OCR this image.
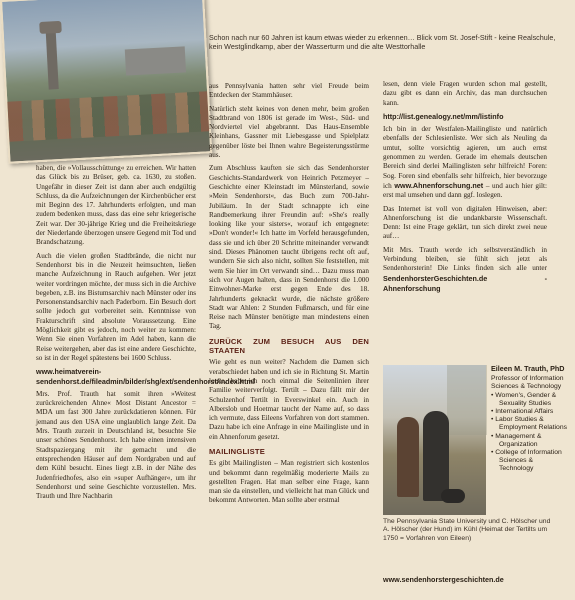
Schon nach nur 60 Jahren ist kaum etwas wieder zu erkennen… Blick vom St. Josef-Stift - keine Realschule, kein Westglindkamp, aber der Wasserturm und die alte Westtorhalle

haben, die »Vollausschüttung« zu erreichen. Wir hatten das Glück bis zu Brüser, geb. ca. 1630, zu stoßen. Ungefähr in dieser Zeit ist dann aber auch endgültig Schluss, da die Aufzeichnungen der Kirchenbücher erst mit Beginn des 17. Jahrhunderts erfolgten, und man zudem bedenken muss, dass das eine sehr kriegerische Zeit war. Der 30-jährige Krieg und die Freiheitskriege der Niederlande überzogen unsere Gegend mit Tod und Brandschatzung.

Auch die vielen großen Stadtbrände, die nicht nur Sendenhorst bis in die Neuzeit heimsuchten, ließen manche Aufzeichnung in Rauch aufgehen. Wer jetzt weiter vordringen möchte, der muss sich in die Archive begeben, z.B. ins Bistumsarchiv nach Münster oder ins Personenstandsarchiv nach Paderborn. Ein Besuch dort sollte jedoch gut vorbereitet sein. Kenntnisse von Frakturschrift sind absolute Voraussetzung. Eine Möglichkeit gibt es jedoch, noch weiter zu kommen: Wenn Sie einen Vorfahren im Adel haben, kann die Reise weitergehen, aber das ist eine andere Geschichte, so ist in der Regel spätestens bei 1600 Schluss.

www.heimatverein-sendenhorst.de/fileadmin/bilder/shg/ext/sendenhorst/index.html

Mrs. Prof. Trauth hat somit ihren »Weitest zurückreichenden Ahne« Most Distant Ancestor = MDA um fast 300 Jahre zurückdatieren können. Für jemand aus den USA eine unglaublich lange Zeit. Da Mrs. Trauth zurzeit in Deutschland ist, besuchte Sie unser schönes Sendenhorst. Ich habe einen intensiven Stadtspaziergang mit ihr gemacht und die entsprechenden Häuser auf dem Nordgraben und auf dem Kühl besucht. Eines liegt z.B. in der Nähe des Judenfriedhofes, also ein »super Aufhänger«, um ihr Sendenhorst und seine Geschichte vorzustellen. Mrs. Trauth und Ihre Nachbarin

aus Pennsylvania hatten sehr viel Freude beim Entdecken der Stammhäuser.

Natürlich steht keines von denen mehr, beim großen Stadtbrand von 1806 ist gerade im West-, Süd- und Nordviertel viel abgebrannt. Das Haus-Ensemble Kleinhans, Gassner mit Liebesgasse und Spielplatz gegenüber löste bei Ihnen wahre Begeisterungsstürme aus.

Zum Abschluss kauften sie sich das Sendenhorster Geschichts-Standardwerk von Heinrich Petzmeyer – Geschichte einer Kleinstadt im Münsterland, sowie »Mein Sendenhorst«, das Buch zum 700-Jahr-Jubiläum. In der Stadt schnappte ich eine Randbemerkung ihrer Freundin auf: »She's really looking like your sisters«, worauf ich entgegnete: »Don't wonder!« Ich hatte im Vorfeld herausgefunden, dass sie und ich über 20 Schritte miteinander verwandt sind. Dieses Phänomen taucht übrigens recht oft auf, wundern Sie sich also nicht, sollten Sie feststellen, mit wem Sie hier im Ort verwandt sind… Dazu muss man sich vor Augen halten, dass in Sendenhorst die 1.000 Einwohner-Marke erst gegen Ende des 18. Jahrhunderts geknackt wurde, die nächste größere Stadt war Ahlen: 2 Stunden Fußmarsch, und für eine Reise nach Münster benötigte man mindestens einen Tag.

ZURÜCK ZUM BESUCH AUS DEN STAATEN

Wie geht es nun weiter? Nachdem die Damen sich verabschiedet haben und ich sie in Richtung St. Martin lotste, habe ich noch einmal die Seitenlinien ihrer Familie weiterverfolgt. Tertilt – Dazu fällt mir der Schulzenhof Tertilt in Everswinkel ein. Auch in Alberslob und Hoetmar taucht der Name auf, so dass ich vermute, dass Eileens Vorfahren von dort stammen. Dazu habe ich eine Anfrage in eine Mailingliste und in ein Ahnenforum gesetzt.

MAILINGLISTE

Es gibt Mailinglisten – Man registriert sich kostenlos und bekommt dann regelmäßig moderierte Mails zu gestellten Fragen. Hat man selber eine Frage, kann man sie da einstellen, und vielleicht hat man Glück und bekommt Antworten. Man sollte aber erstmal

lesen, denn viele Fragen wurden schon mal gestellt, dazu gibt es dann ein Archiv, das man durchsuchen kann.

http://list.genealogy.net/mm/listinfo

Ich bin in der Westfalen-Mailingliste und natürlich ebenfalls der Schlesienliste. Wer sich als Neuling da umtut, sollte vorsichtig agieren, um auch ernst genommen zu werden. Gerade im ehemals deutschen Bereich sind derlei Mailinglisten sehr hilfreich! Foren: Sog. Foren sind ebenfalls sehr hilfreich, hier bevorzuge ich www.Ahnenforschung.net – und auch hier gilt: erst mal umsehen und dann ggf. loslegen.

Das Internet ist voll von digitalen Hinweisen, aber: Ahnenforschung ist die undankbarste Wissenschaft. Denn: Ist eine Frage geklärt, tun sich direkt zwei neue auf…

Mit Mrs. Trauth werde ich selbstverständlich in Verbindung bleiben, sie fühlt sich jetzt als Sendenhorsterin! Die Links finden sich alle unter SendenhorsterGeschichten.de - Ahnenforschung

Eileen M. Trauth, PhD
Professor of Information Sciences & Technology
• Women's, Gender & Sexuality Studies
• International Affairs
• Labor Studies & Employment Relations
• Management & Organization
• College of Information Sciences & Technology
The Pennsylvania State University und C. Hölscher und A. Hölscher (der Hund) im Kühl (Heimat der Tertilts um 1750 = Vorfahren von Eileen)
www.sendenhorstergeschichten.de
